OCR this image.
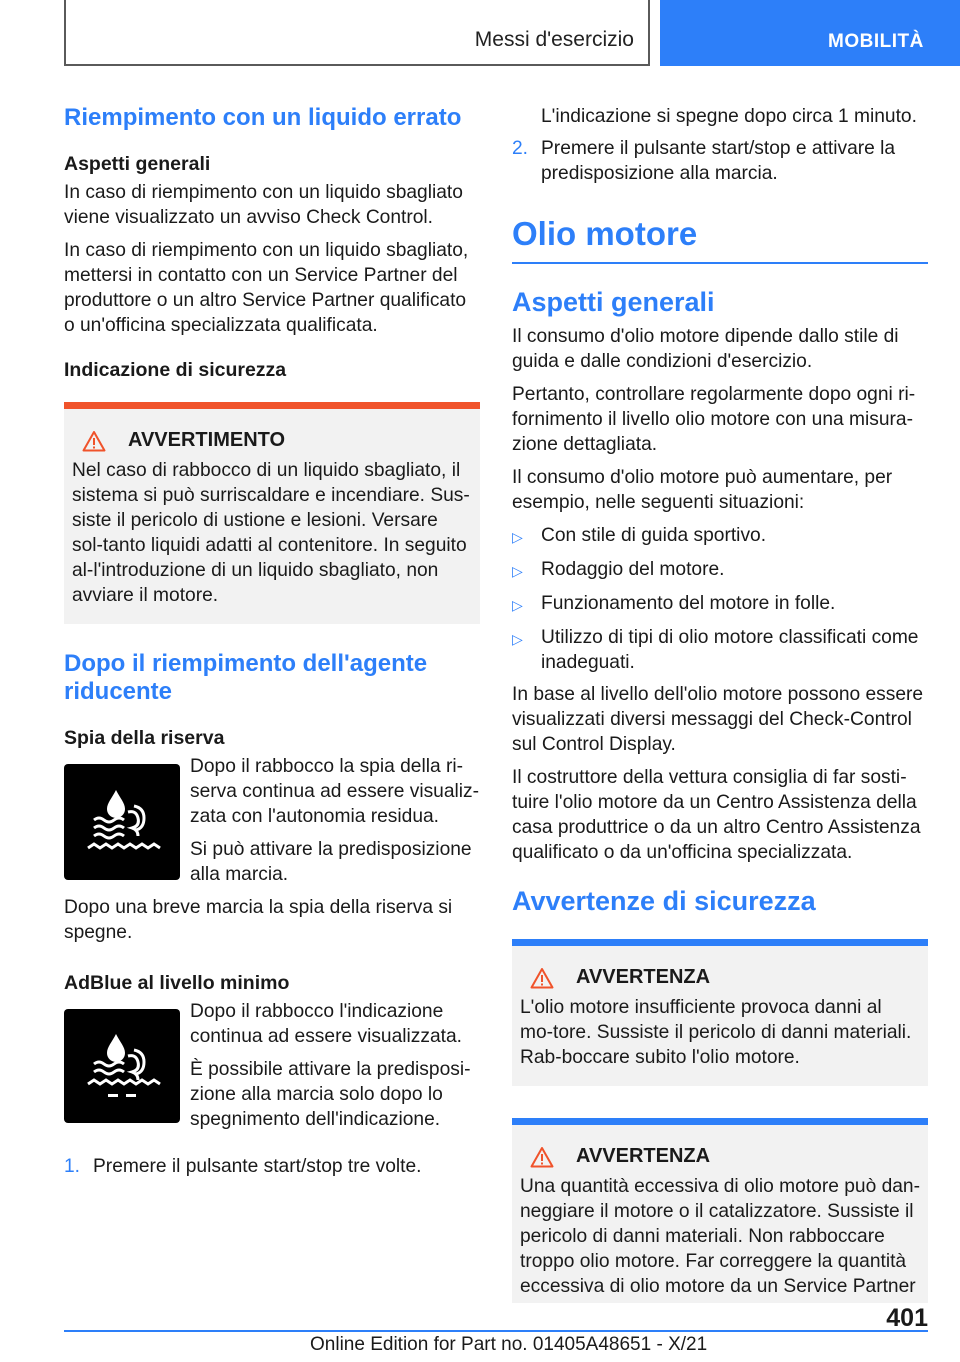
Messi d'esercizio	MOBILITÀ
Riempimento con un liquido errato
Aspetti generali
In caso di riempimento con un liquido sbagliato viene visualizzato un avviso Check Control.
In caso di riempimento con un liquido sbagliato, mettersi in contatto con un Service Partner del produttore o un altro Service Partner qualificato o un'officina specializzata qualificata.
Indicazione di sicurezza
AVVERTIMENTO
Nel caso di rabbocco di un liquido sbagliato, il sistema si può surriscaldare e incendiare. Sus-siste il pericolo di ustione e lesioni. Versare sol-tanto liquidi adatti al contenitore. In seguito al-l'introduzione di un liquido sbagliato, non avviare il motore.
Dopo il riempimento dell'agente riducente
Spia della riserva
Dopo il rabbocco la spia della ri-serva continua ad essere visualiz-zata con l'autonomia residua.
Si può attivare la predisposizione alla marcia.
Dopo una breve marcia la spia della riserva si spegne.
AdBlue al livello minimo
Dopo il rabbocco l'indicazione continua ad essere visualizzata.
È possibile attivare la predisposi-zione alla marcia solo dopo lo spegnimento dell'indicazione.
1. Premere il pulsante start/stop tre volte.
L'indicazione si spegne dopo circa 1 minuto.
2. Premere il pulsante start/stop e attivare la predisposizione alla marcia.
Olio motore
Aspetti generali
Il consumo d'olio motore dipende dallo stile di guida e dalle condizioni d'esercizio.
Pertanto, controllare regolarmente dopo ogni ri-fornimento il livello olio motore con una misura-zione dettagliata.
Il consumo d'olio motore può aumentare, per esempio, nelle seguenti situazioni:
▷ Con stile di guida sportivo.
▷ Rodaggio del motore.
▷ Funzionamento del motore in folle.
▷ Utilizzo di tipi di olio motore classificati come inadeguati.
In base al livello dell'olio motore possono essere visualizzati diversi messaggi del Check-Control sul Control Display.
Il costruttore della vettura consiglia di far sosti-tuire l'olio motore da un Centro Assistenza della casa produttrice o da un altro Centro Assistenza qualificato o da un'officina specializzata.
Avvertenze di sicurezza
AVVERTENZA
L'olio motore insufficiente provoca danni al mo-tore. Sussiste il pericolo di danni materiali. Rab-boccare subito l'olio motore.
AVVERTENZA
Una quantità eccessiva di olio motore può dan-neggiare il motore o il catalizzatore. Sussiste il pericolo di danni materiali. Non rabboccare troppo olio motore. Far correggere la quantità eccessiva di olio motore da un Service Partner
401
Online Edition for Part no. 01405A48651 - X/21
